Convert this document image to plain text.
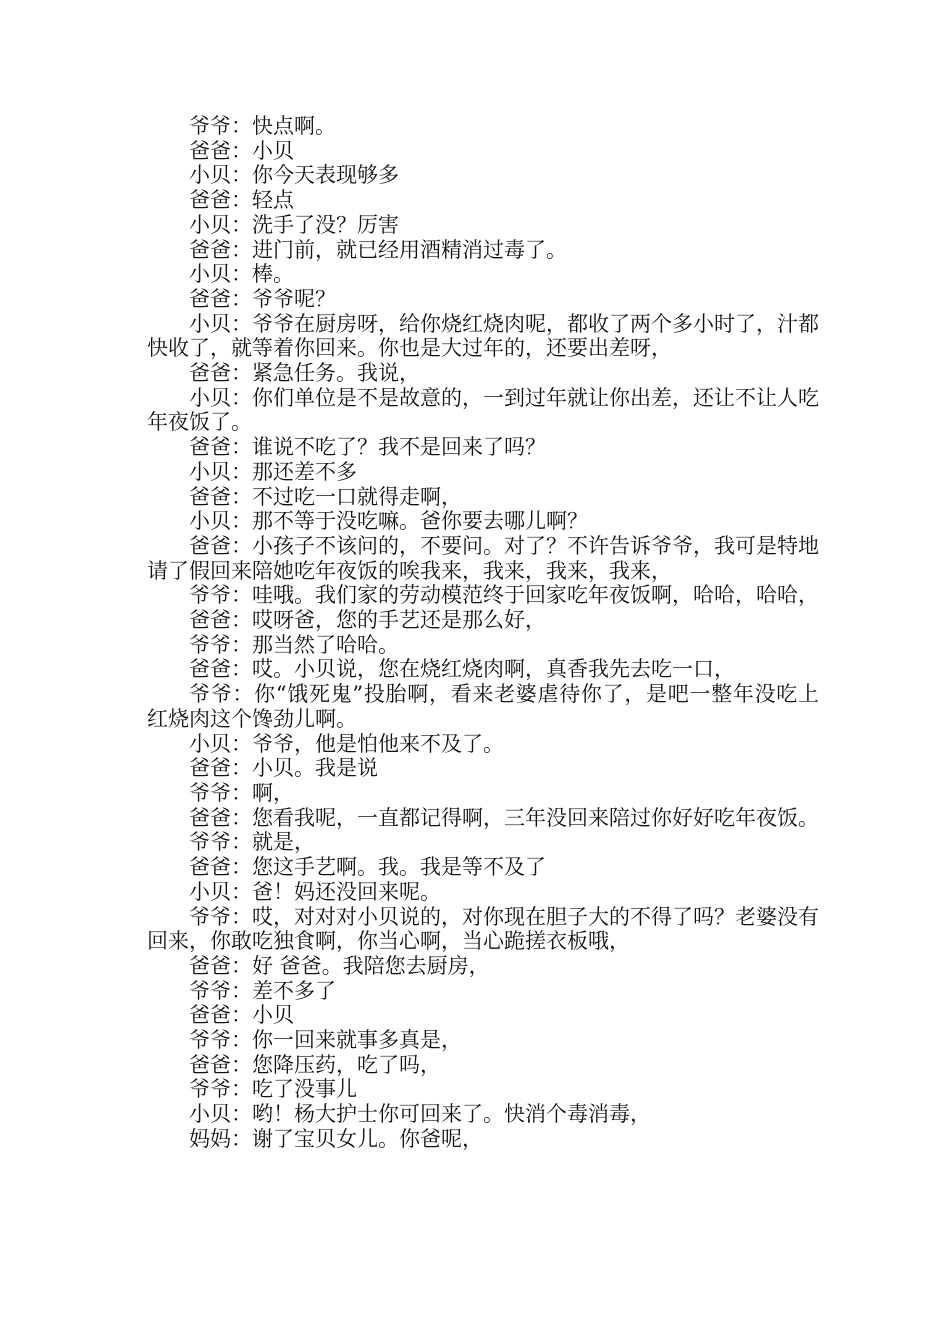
爷爷：快点啊。

爸爸：小贝

小贝：你今天表现够多

爸爸：轻点

小贝：洗手了没？厉害

爸爸：进门前，就已经用酒精消过毒了。

小贝：棒。

爸爸：爷爷呢？

小贝：爷爷在厨房呀，给你烧红烧肉呢，都收了两个多小时了，汁都快收了，就等着你回来。你也是大过年的，还要出差呀，

爸爸：紧急任务。我说，

小贝：你们单位是不是故意的，一到过年就让你出差，还让不让人吃年夜饭了。

爸爸：谁说不吃了？我不是回来了吗？

小贝：那还差不多

爸爸：不过吃一口就得走啊，

小贝：那不等于没吃嘛。爸你要去哪儿啊？

爸爸：小孩子不该问的，不要问。对了？不许告诉爷爷，我可是特地请了假回来陪她吃年夜饭的唉我来，我来，我来，我来，

爷爷：哇哦。我们家的劳动模范终于回家吃年夜饭啊，哈哈，哈哈，

爸爸：哎呀爸，您的手艺还是那么好，

爷爷：那当然了哈哈。

爸爸：哎。小贝说，您在烧红烧肉啊，真香我先去吃一口，

爷爷：你“饿死鬼”投胎啊，看来老婆虐待你了，是吧一整年没吃上红烧肉这个馋劲儿啊。

小贝：爷爷，他是怕他来不及了。

爸爸：小贝。我是说

爷爷：啊，

爸爸：您看我呢，一直都记得啊，三年没回来陪过你好好吃年夜饭。

爷爷：就是，

爸爸：您这手艺啊。我。我是等不及了

小贝：爸！妈还没回来呢。

爷爷：哎，对对对小贝说的，对你现在胆子大的不得了吗？老婆没有回来，你敢吃独食啊，你当心啊，当心跪搓衣板哦，

爸爸：好 爸爸。我陪您去厨房，

爷爷：差不多了

爸爸：小贝

爷爷：你一回来就事多真是，

爸爸：您降压药，吃了吗，

爷爷：吃了没事儿

小贝：哟！杨大护士你可回来了。快消个毒消毒，

妈妈：谢了宝贝女儿。你爸呢，
